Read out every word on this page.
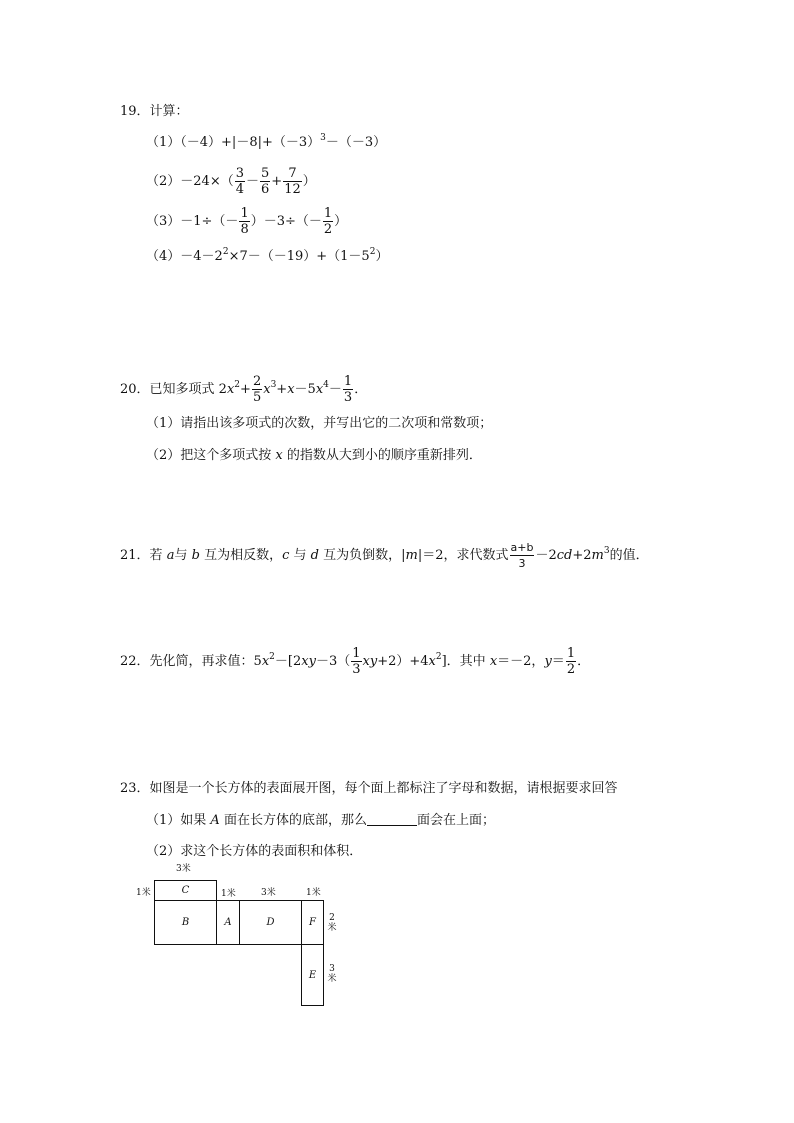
19．计算：
$(1)(-4)+|-8|+(-3)^3-(-3)$
$(2)-24\times( \frac{3}{4} - \frac{5}{6} + \frac{7}{12}$ ）
$(3)-1\div(- \frac{1}{8} )-3\div(- \frac{1}{2}$ ）
$(4)-4-2^2\times 7-(-19)+(1-5^2)$
20．已知多项式 $2x^2+ \frac{2}{5} x^3+x-5x^4- \frac{1}{3}$ ．
（1）请指出该多项式的次数，并写出它的二次项和常数项；
（2）把这个多项式按 x 的指数从大到小的顺序重新排列．
21．若 a与 b 互为相反数，c 与 d 互为负倒数，|m|＝2，求代数式 $\frac{a+b}{3} -2cd+2m^3$的值．
22．先化简，再求值：$5x^2-[2xy-3( \frac{1}{3} xy+2)+4x^2]$．其中 x＝－2，$y= \frac{1}{2}$ ．
23．如图是一个长方体的表面展开图，每个面上都标注了字母和数据，请根据要求回答
（1）如果 A 面在长方体的底部，那么	面会在上面；
（2）求这个长方体的表面积和体积．
3米
1米	C	1米	3米	1米
B	A	D	F	2
米
E
3
米
